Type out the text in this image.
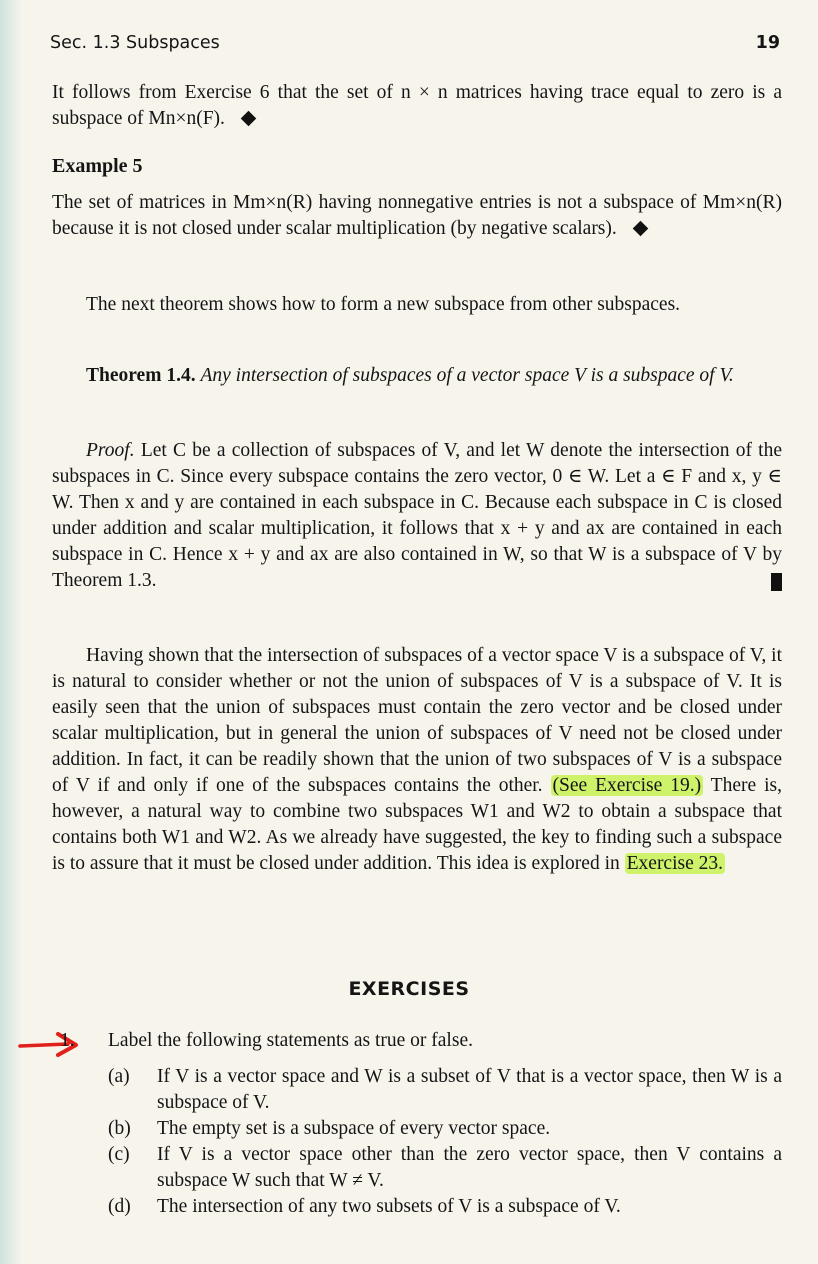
Sec. 1.3 Subspaces	19
It follows from Exercise 6 that the set of n × n matrices having trace equal to zero is a subspace of Mn×n(F).
Example 5
The set of matrices in Mm×n(R) having nonnegative entries is not a subspace of Mm×n(R) because it is not closed under scalar multiplication (by negative scalars).
The next theorem shows how to form a new subspace from other subspaces.
Theorem 1.4. Any intersection of subspaces of a vector space V is a subspace of V.
Proof. Let C be a collection of subspaces of V, and let W denote the intersection of the subspaces in C. Since every subspace contains the zero vector, 0 ∈ W. Let a ∈ F and x, y ∈ W. Then x and y are contained in each subspace in C. Because each subspace in C is closed under addition and scalar multiplication, it follows that x + y and ax are contained in each subspace in C. Hence x + y and ax are also contained in W, so that W is a subspace of V by Theorem 1.3.
Having shown that the intersection of subspaces of a vector space V is a subspace of V, it is natural to consider whether or not the union of subspaces of V is a subspace of V. It is easily seen that the union of subspaces must contain the zero vector and be closed under scalar multiplication, but in general the union of subspaces of V need not be closed under addition. In fact, it can be readily shown that the union of two subspaces of V is a subspace of V if and only if one of the subspaces contains the other. (See Exercise 19.) There is, however, a natural way to combine two subspaces W1 and W2 to obtain a subspace that contains both W1 and W2. As we already have suggested, the key to finding such a subspace is to assure that it must be closed under addition. This idea is explored in Exercise 23.
EXERCISES
1. Label the following statements as true or false.
(a)	If V is a vector space and W is a subset of V that is a vector space, then W is a subspace of V.
(b)	The empty set is a subspace of every vector space.
(c)	If V is a vector space other than the zero vector space, then V contains a subspace W such that W ≠ V.
(d)	The intersection of any two subsets of V is a subspace of V.
